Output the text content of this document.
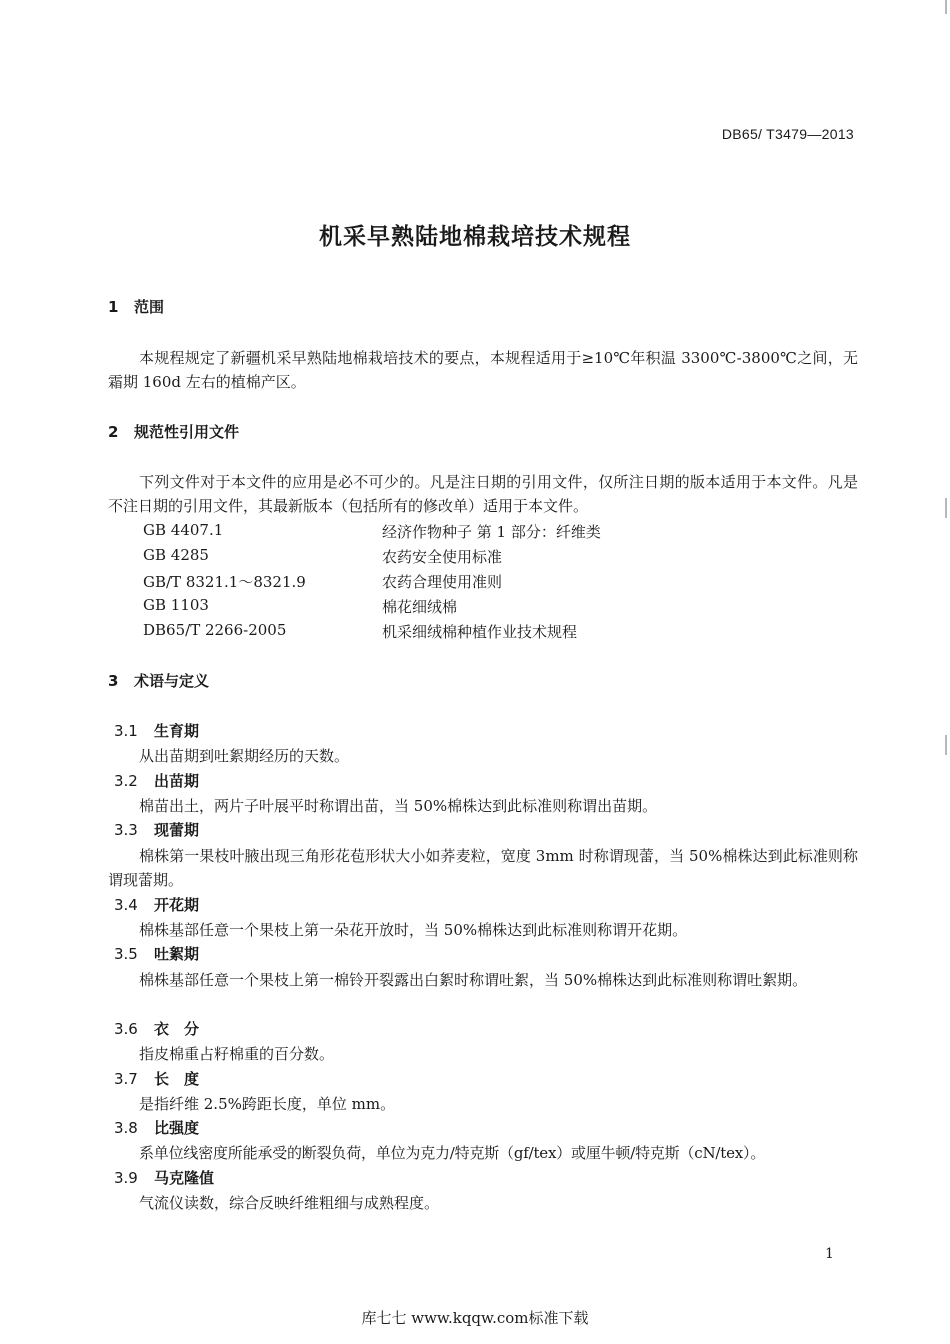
DB65/ T3479—2013
机采早熟陆地棉栽培技术规程
1 范围
本规程规定了新疆机采早熟陆地棉栽培技术的要点，本规程适用于≥10℃年积温 3300℃-3800℃之间，无霜期 160d 左右的植棉产区。
2 规范性引用文件
下列文件对于本文件的应用是必不可少的。凡是注日期的引用文件，仅所注日期的版本适用于本文件。凡是不注日期的引用文件，其最新版本（包括所有的修改单）适用于本文件。
GB 4407.1	经济作物种子 第 1 部分：纤维类
GB 4285	农药安全使用标准
GB/T 8321.1～8321.9	农药合理使用准则
GB 1103	棉花细绒棉
DB65/T 2266-2005	机采细绒棉种植作业技术规程
3 术语与定义
3.1 生育期
从出苗期到吐絮期经历的天数。
3.2 出苗期
棉苗出土，两片子叶展平时称谓出苗，当 50%棉株达到此标准则称谓出苗期。
3.3 现蕾期
棉株第一果枝叶腋出现三角形花苞形状大小如荞麦粒，宽度 3mm 时称谓现蕾，当 50%棉株达到此标准则称谓现蕾期。
3.4 开花期
棉株基部任意一个果枝上第一朵花开放时，当 50%棉株达到此标准则称谓开花期。
3.5 吐絮期
棉株基部任意一个果枝上第一棉铃开裂露出白絮时称谓吐絮，当 50%棉株达到此标准则称谓吐絮期。
3.6 衣　分
指皮棉重占籽棉重的百分数。
3.7 长　度
是指纤维 2.5%跨距长度，单位 mm。
3.8 比强度
系单位线密度所能承受的断裂负荷，单位为克力/特克斯（gf/tex）或厘牛顿/特克斯（cN/tex）。
3.9 马克隆值
气流仪读数，综合反映纤维粗细与成熟程度。
1
库七七 www.kqqw.com标准下载
